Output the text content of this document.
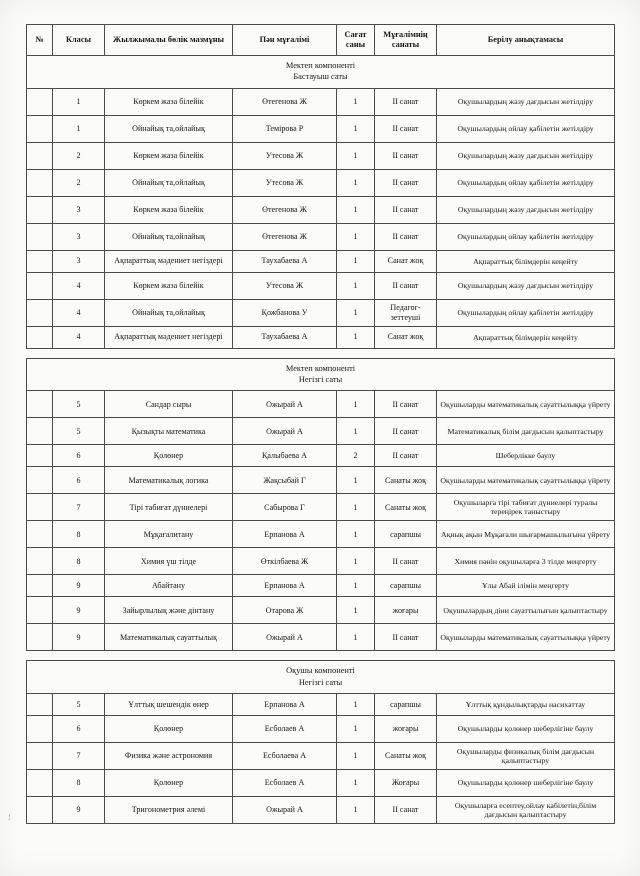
№	Класы	Жылжымалы бөлік мазмұны	Пән мұғалімі	Сағат саны	Мұғалімнің санаты	Берілу анықтамасы

Мектеп компоненті
Бастауыш саты						

	1	Көркем жаза білейік	Өтегенова Ж	1	II санат	Оқушылардың жазу дағдысын жетілдіру
	1	Ойнайық та,ойлайық	Темірова Р	1	II санат	Оқушылардың ойлау қабілетін жетілдіру
	2	Көркем жаза білейік	Утесова Ж	1	II санат	Оқушылардың жазу дағдысын жетілдіру
	2	Ойнайық та,ойлайық	Утесова Ж	1	II санат	Оқушылардың ойлау қабілетін жетілдіру
	3	Көркем жаза білейік	Өтегенова Ж	1	II санат	Оқушылардың жазу дағдысын жетілдіру
	3	Ойнайық та,ойлайық	Өтегенова Ж	1	II санат	Оқушылардың ойлау қабілетін жетілдіру
	3	Ақпараттық мәдениет негіздері	Таухабаева А	1	Санат жоқ	Ақпараттық білімдерін кеңейту
	4	Көркем жаза білейік	Утесова Ж	1	II санат	Оқушылардың жазу дағдысын жетілдіру
	4	Ойнайық та,ойлайық	Қожбанова У	1	Педагог-зеттеуші	Оқушылардың ойлау қабілетін жетілдіру
	4	Ақпараттық мәдениет негіздері	Таухабаева А	1	Санат жоқ	Ақпараттық білімдерін кеңейту

Мектеп компоненті
Негізгі саты						

	5	Сандар сыры	Ожырай А	1	II санат	Оқушыларды математикалық сауаттылыққа үйрету
	5	Қызықты математика	Ожырай А	1	II санат	Математикалық білім дағдысын қалыптастыру
	6	Қолөнер	Қалыбаева А	2	II санат	Шеберлікке баулу
	6	Математикалық логика	Жақсыбай Г	1	Санаты жоқ	Оқушыларды математикалық сауаттылыққа үйрету
	7	Тірі табиғат дүниелері	Сабырова Г	1	Санаты жоқ	Оқушыларға тірі табиғат дүниелері туралы тереңірек таныстыру
	8	Мұқағалитану	Ерпанова А	1	сарапшы	Ақиық ақын Мұқағали шығармашылығына үйрету
	8	Химия үш тілде	Өткілбаева Ж	1	II санат	Химия пәнін оқушыларға 3 тілде меңгерту
	9	Абайтану	Ерпанова А	1	сарапшы	Ұлы Абай ілімін меңгерту
	9	Зайырлылық және дінтану	Отарова Ж	1	жоғары	Оқушылардың діни сауаттылығын қалыптастыру
	9	Математикалық сауаттылық	Ожырай А	1	II санат	Оқушыларды математикалық сауаттылыққа үйрету

Оқушы компоненті
Негізгі саты						

	5	Ұлттық шешендік өнер	Ерпанова А	1	сарапшы	Ұлттық құндылықтарды насихаттау
	6	Қолөнер	Есболаев А	1	жоғары	Оқушыларды қолөнер шеберлігіне баулу
	7	Физика және астрономия	Есболаева А	1	Санаты жоқ	Оқушыларды физикалық білім дағдысын қалыптастыру
	8	Қолөнер	Есболаев А	1	Жоғары	Оқушыларды қолөнер шеберлігіне баулу
	9	Тригонометрия әлемі	Ожырай А	1	II санат	Оқушыларға есептеу,ойлау кабілетін,білім дағдысын қалыптастыру
؛
